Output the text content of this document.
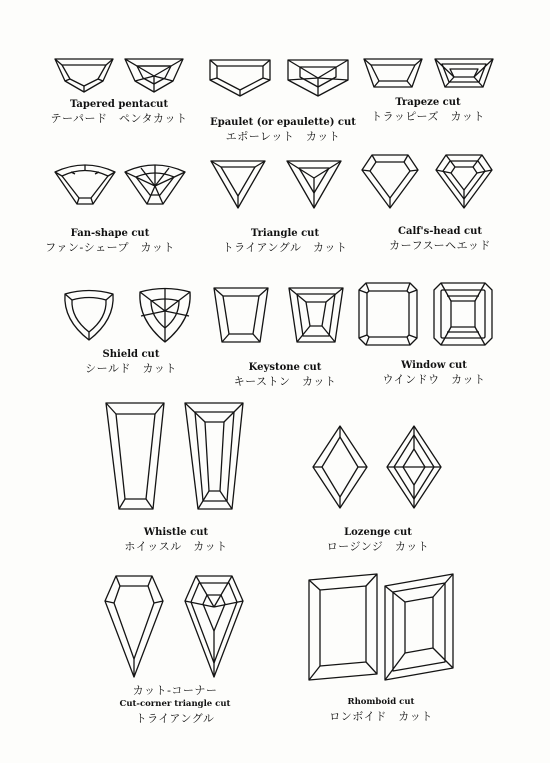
Tapered pentacut
テーパード　ペンタカット Epaulet (or epaulette) cut
エポーレット　カット
Trapeze cut
トラッピーズ　カット
Fan-shape cut
ファン-シェープ　カット
Triangle cut
トライアングル　カット
Calf's-head cut
カーフスーヘエッド
Shield cut
シールド　カット	Keystone cut
キーストン　カット
Window cut
ウインドウ　カット
Whistle cut
ホイッスル　カット
Lozenge cut
ロージンジ　カット
カット-コーナー
Cut-corner triangle cut
トライアングル
Rhomboid cut
ロンボイド　カット
